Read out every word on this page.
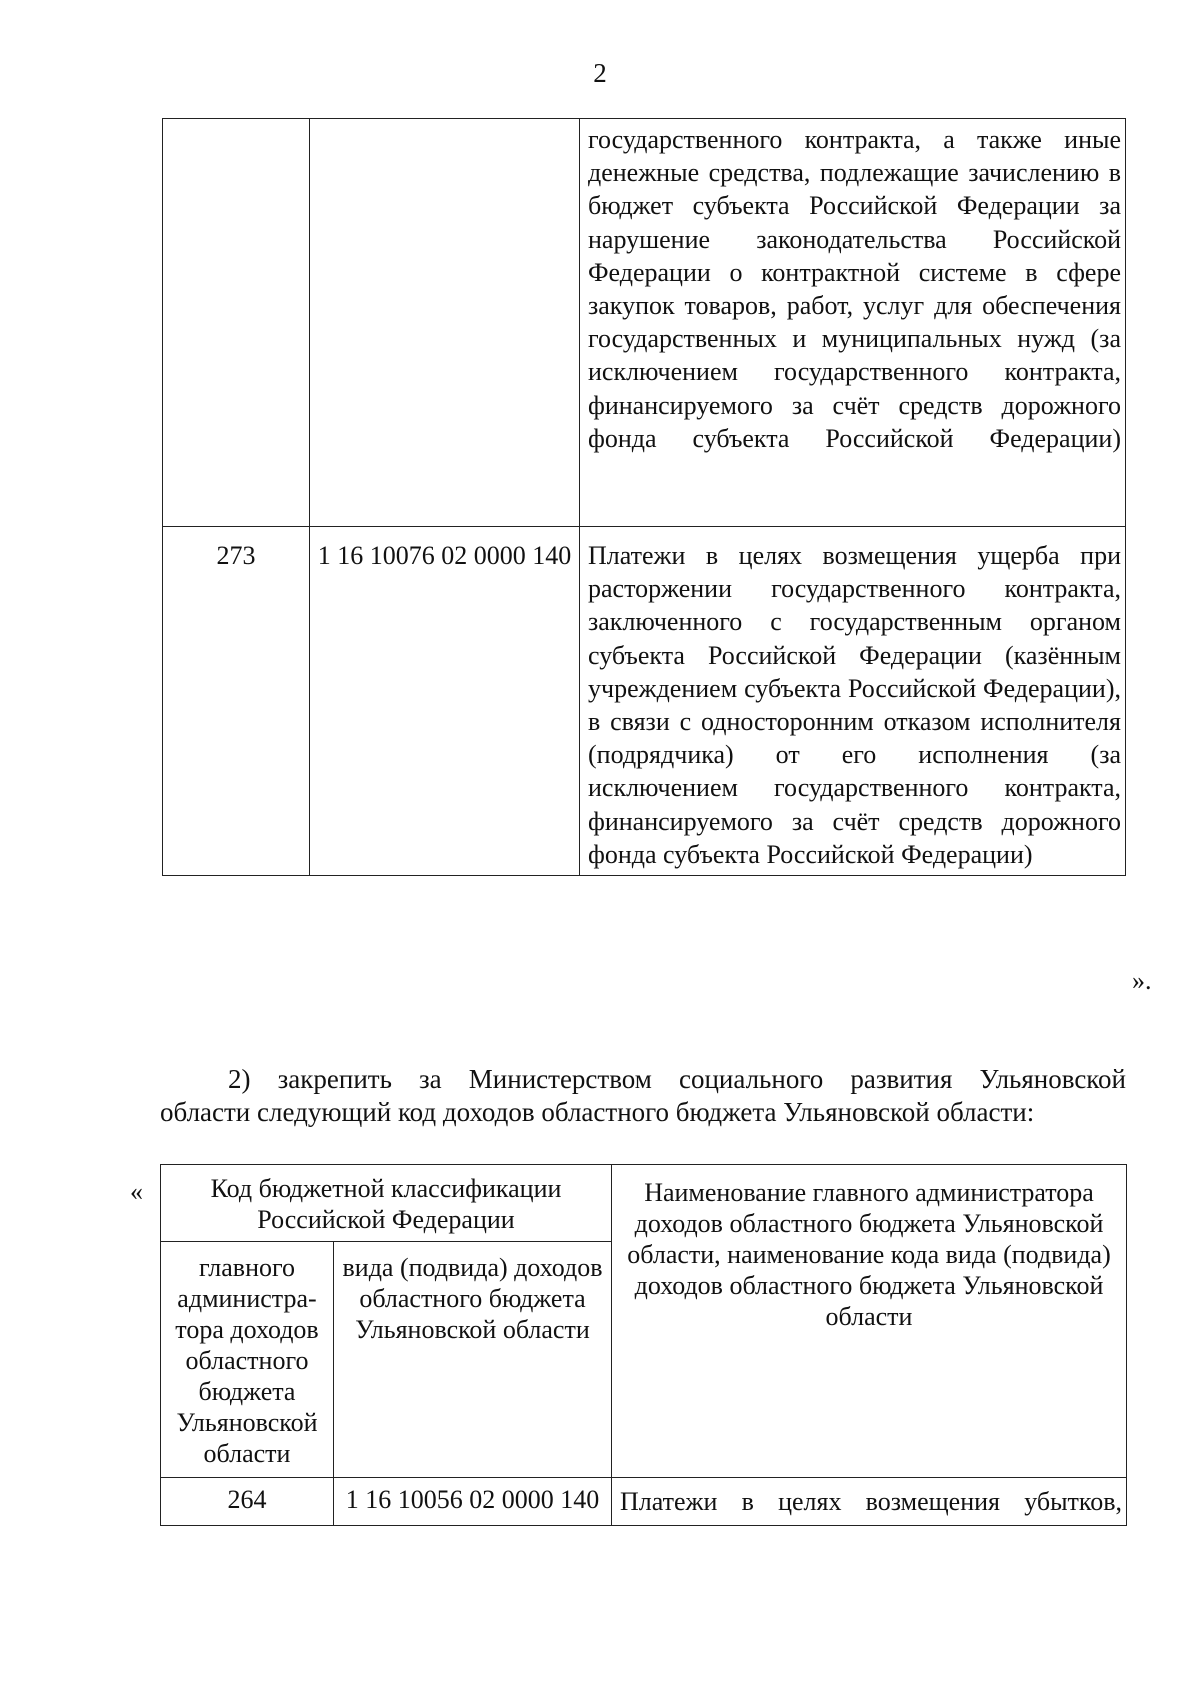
2
		государственного контракта, а также иные денежные средства, подлежащие зачислению в бюджет субъекта Российской Федерации за нарушение законодательства Российской Федерации о контрактной системе в сфере закупок товаров, работ, услуг для обеспечения государственных и муниципальных нужд (за исключением государственного контракта, финансируемого за счёт средств дорожного фонда субъекта Российской Федерации)
273	1 16 10076 02 0000 140	Платежи в целях возмещения ущерба при расторжении государственного контракта, заключенного с государственным органом субъекта Российской Федерации (казённым учреждением субъекта Российской Федерации), в связи с односторонним отказом исполнителя (подрядчика) от его исполнения (за исключением государственного контракта, финансируемого за счёт средств дорожного фонда субъекта Российской Федерации)
».
2) закрепить за Министерством социального развития Ульяновской
области следующий код доходов областного бюджета Ульяновской области:
«	Код бюджетной классификации Российской Федерации		Наименование главного администратора доходов областного бюджета Ульяновской области, наименование кода вида (подвида) доходов областного бюджета Ульяновской области
главного администра-тора доходов областного бюджета Ульяновской области	вида (подвида) доходов областного бюджета Ульяновской области	
264	1 16 10056 02 0000 140	Платежи в целях возмещения убытков,
